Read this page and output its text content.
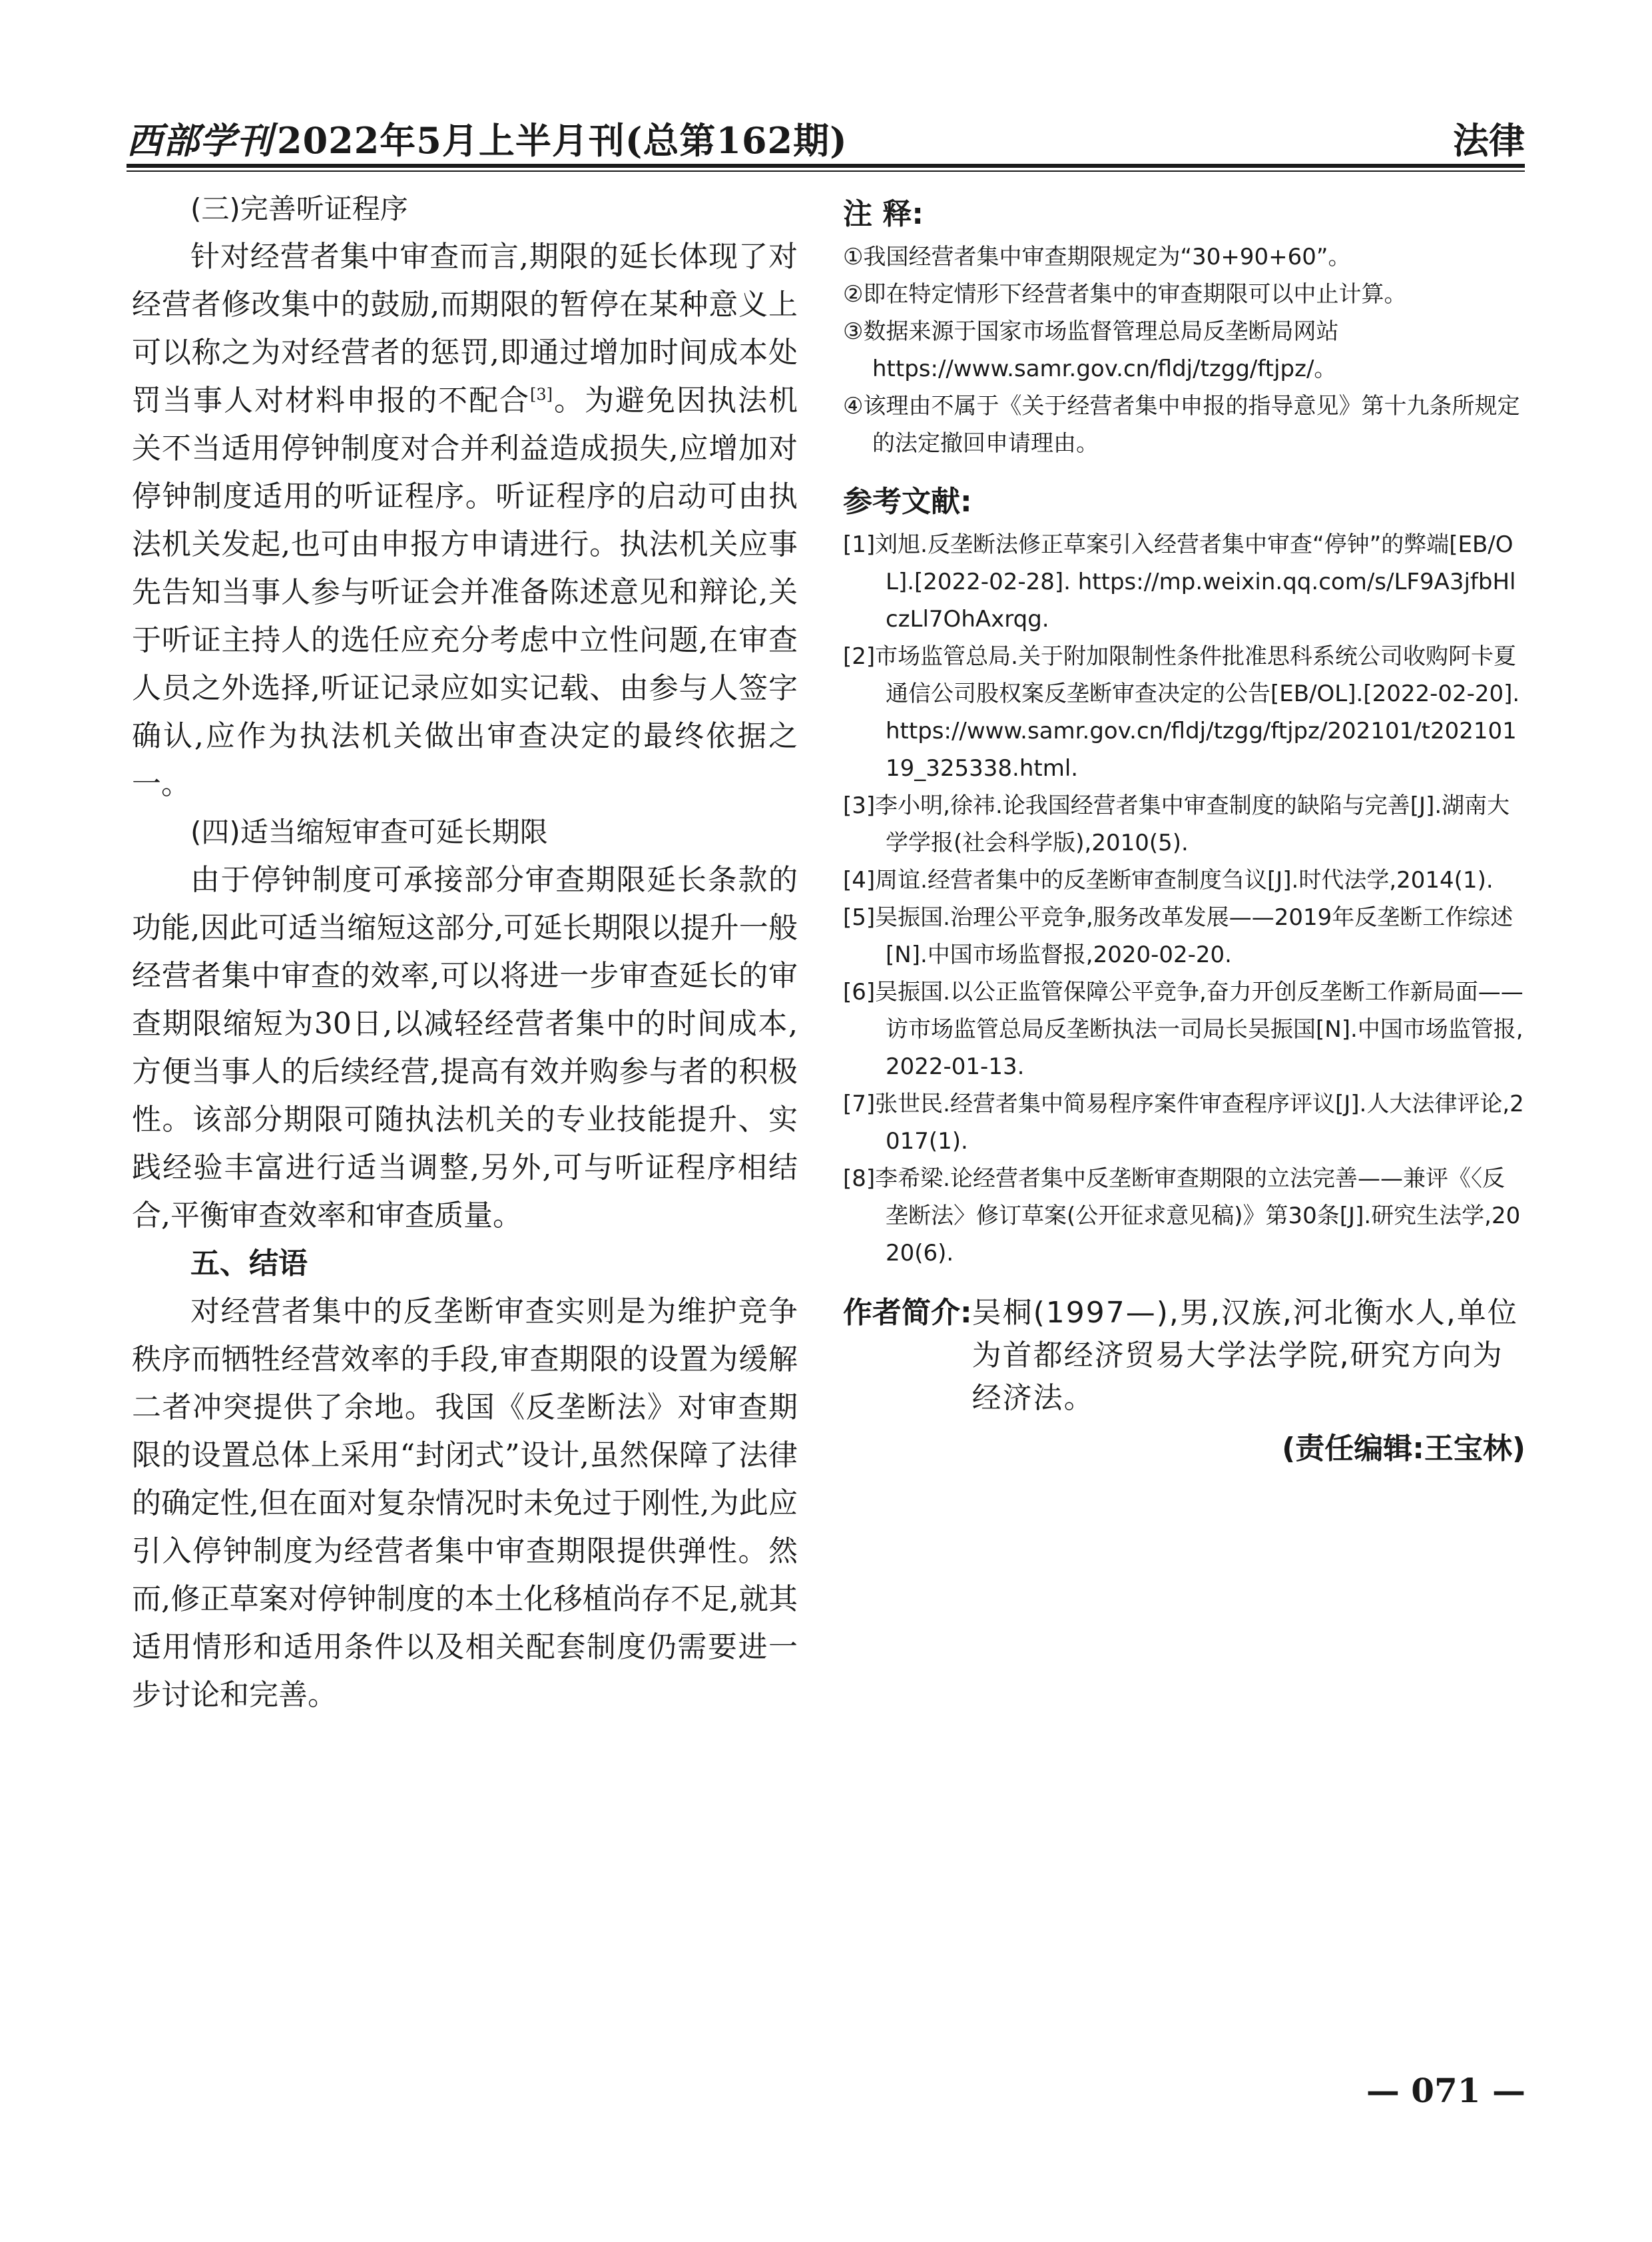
西部学刊 2022年5月上半月刊(总第162期)	法律

(三)完善听证程序

针对经营者集中审查而言,期限的延长体现了对经营者修改集中的鼓励,而期限的暂停在某种意义上可以称之为对经营者的惩罚,即通过增加时间成本处罚当事人对材料申报的不配合[3]。为避免因执法机关不当适用停钟制度对合并利益造成损失,应增加对停钟制度适用的听证程序。听证程序的启动可由执法机关发起,也可由申报方申请进行。执法机关应事先告知当事人参与听证会并准备陈述意见和辩论,关于听证主持人的选任应充分考虑中立性问题,在审查人员之外选择,听证记录应如实记载、由参与人签字确认,应作为执法机关做出审查决定的最终依据之一。

(四)适当缩短审查可延长期限

由于停钟制度可承接部分审查期限延长条款的功能,因此可适当缩短这部分,可延长期限以提升一般经营者集中审查的效率,可以将进一步审查延长的审查期限缩短为30日,以减轻经营者集中的时间成本,方便当事人的后续经营,提高有效并购参与者的积极性。该部分期限可随执法机关的专业技能提升、实践经验丰富进行适当调整,另外,可与听证程序相结合,平衡审查效率和审查质量。

五、结语

对经营者集中的反垄断审查实则是为维护竞争秩序而牺牲经营效率的手段,审查期限的设置为缓解二者冲突提供了余地。我国《反垄断法》对审查期限的设置总体上采用“封闭式”设计,虽然保障了法律的确定性,但在面对复杂情况时未免过于刚性,为此应引入停钟制度为经营者集中审查期限提供弹性。然而,修正草案对停钟制度的本土化移植尚存不足,就其适用情形和适用条件以及相关配套制度仍需要进一步讨论和完善。

注 释:

①我国经营者集中审查期限规定为“30+90+60”。

②即在特定情形下经营者集中的审查期限可以中止计算。

③数据来源于国家市场监督管理总局反垄断局网站 https://www.samr.gov.cn/fldj/tzgg/ftjpz/。

④该理由不属于《关于经营者集中申报的指导意见》第十九条所规定的法定撤回申请理由。

参考文献:

[1]刘旭.反垄断法修正草案引入经营者集中审查“停钟”的弊端[EB/OL].[2022-02-28]. https://mp.weixin.qq.com/s/LF9A3jfbHlczLl7OhAxrqg.

[2]市场监管总局.关于附加限制性条件批准思科系统公司收购阿卡夏通信公司股权案反垄断审查决定的公告[EB/OL].[2022-02-20]. https://www.samr.gov.cn/fldj/tzgg/ftjpz/202101/t20210119_325338.html.

[3]李小明,徐祎.论我国经营者集中审查制度的缺陷与完善[J].湖南大学学报(社会科学版),2010(5).

[4]周谊.经营者集中的反垄断审查制度刍议[J].时代法学,2014(1).

[5]吴振国.治理公平竞争,服务改革发展——2019年反垄断工作综述[N].中国市场监督报,2020-02-20.

[6]吴振国.以公正监管保障公平竞争,奋力开创反垄断工作新局面——访市场监管总局反垄断执法一司局长吴振国[N].中国市场监管报,2022-01-13.

[7]张世民.经营者集中简易程序案件审查程序评议[J].人大法律评论,2017(1).

[8]李希梁.论经营者集中反垄断审查期限的立法完善——兼评《〈反垄断法〉修订草案(公开征求意见稿)》第30条[J].研究生法学,2020(6).

作者简介: 吴桐(1997—),男,汉族,河北衡水人,单位为首都经济贸易大学法学院,研究方向为经济法。
(责任编辑:王宝林)
— 071 —
